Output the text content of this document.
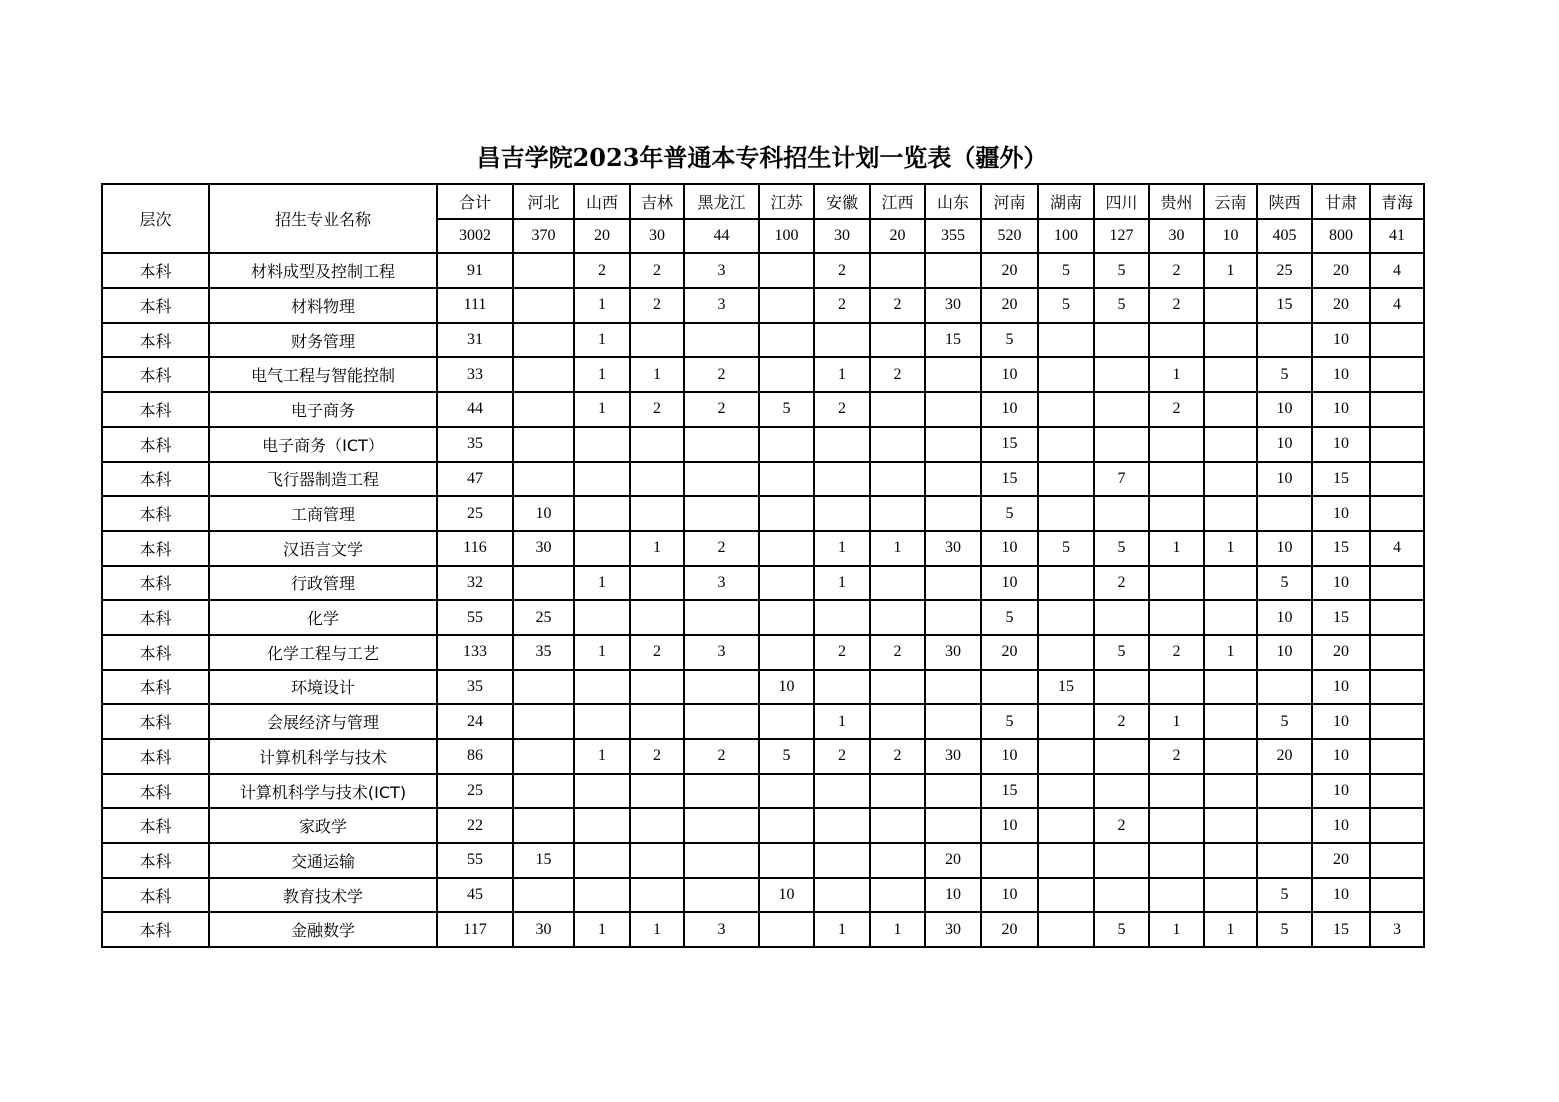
昌吉学院2023年普通本专科招生计划一览表（疆外）
层次	招生专业名称	合计	河北	山西	吉林	黑龙江	江苏	安徽	江西	山东	河南	湖南	四川	贵州	云南	陕西	甘肃	青海
		3002	370	20	30	44	100	30	20	355	520	100	127	30	10	405	800	41
本科	材料成型及控制工程	91		2	2	3		2			20	5	5	2	1	25	20	4
本科	材料物理	111		1	2	3		2	2	30	20	5	5	2		15	20	4
本科	财务管理	31		1						15	5						10	
本科	电气工程与智能控制	33		1	1	2		1	2		10			1		5	10	
本科	电子商务	44		1	2	2	5	2			10			2		10	10	
本科	电子商务（ICT）	35									15					10	10	
本科	飞行器制造工程	47									15		7			10	15	
本科	工商管理	25	10								5						10	
本科	汉语言文学	116	30		1	2		1	1	30	10	5	5	1	1	10	15	4
本科	行政管理	32		1		3		1			10		2			5	10	
本科	化学	55	25								5					10	15	
本科	化学工程与工艺	133	35	1	2	3		2	2	30	20		5	2	1	10	20	
本科	环境设计	35					10					15					10	
本科	会展经济与管理	24						1			5		2	1		5	10	
本科	计算机科学与技术	86		1	2	2	5	2	2	30	10			2		20	10	
本科	计算机科学与技术(ICT)	25									15						10	
本科	家政学	22									10		2				10	
本科	交通运输	55	15							20							20	
本科	教育技术学	45					10			10	10					5	10	
本科	金融数学	117	30	1	1	3		1	1	30	20		5	1	1	5	15	3
